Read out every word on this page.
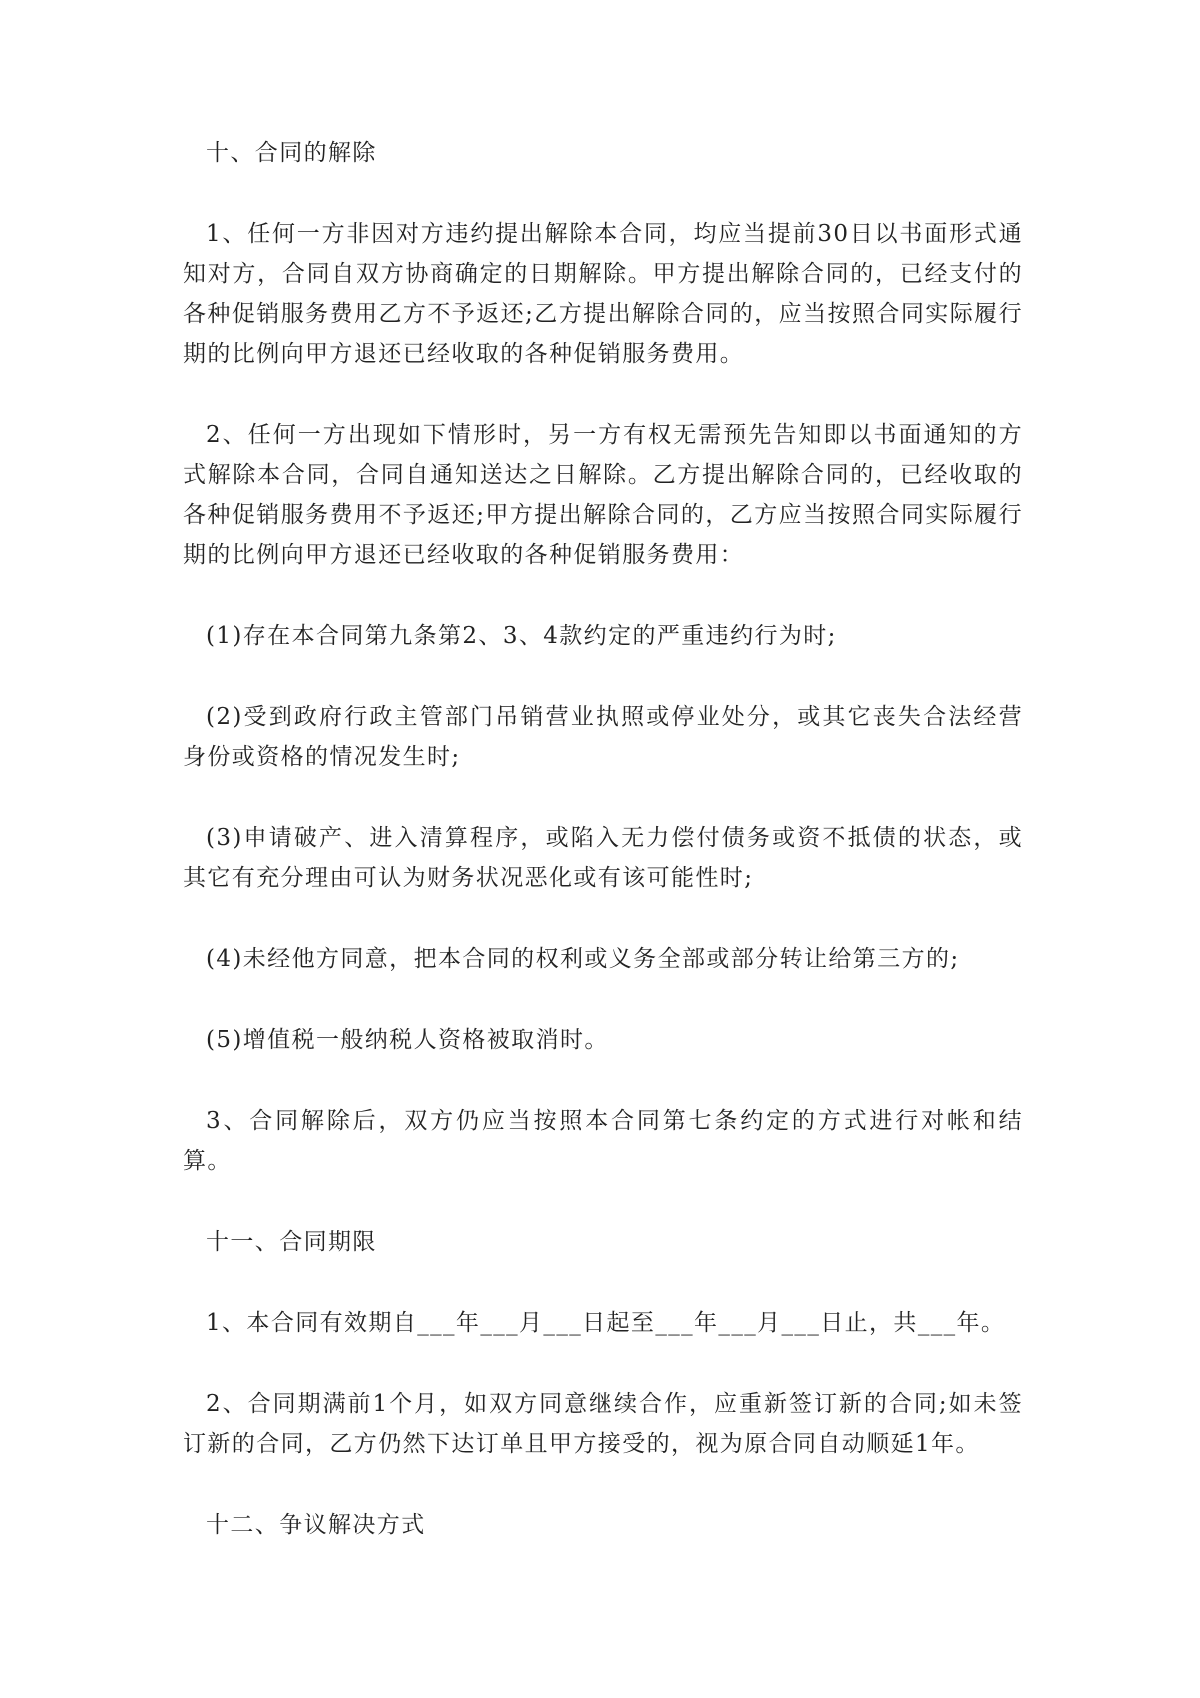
十、合同的解除

1、任何一方非因对方违约提出解除本合同，均应当提前30日以书面形式通知对方，合同自双方协商确定的日期解除。甲方提出解除合同的，已经支付的各种促销服务费用乙方不予返还;乙方提出解除合同的，应当按照合同实际履行期的比例向甲方退还已经收取的各种促销服务费用。

2、任何一方出现如下情形时，另一方有权无需预先告知即以书面通知的方式解除本合同，合同自通知送达之日解除。乙方提出解除合同的，已经收取的各种促销服务费用不予返还;甲方提出解除合同的，乙方应当按照合同实际履行期的比例向甲方退还已经收取的各种促销服务费用：

(1)存在本合同第九条第2、3、4款约定的严重违约行为时;

(2)受到政府行政主管部门吊销营业执照或停业处分，或其它丧失合法经营身份或资格的情况发生时;

(3)申请破产、进入清算程序，或陷入无力偿付债务或资不抵债的状态，或其它有充分理由可认为财务状况恶化或有该可能性时;

(4)未经他方同意，把本合同的权利或义务全部或部分转让给第三方的;

(5)增值税一般纳税人资格被取消时。

3、合同解除后，双方仍应当按照本合同第七条约定的方式进行对帐和结算。

十一、合同期限

1、本合同有效期自___年___月___日起至___年___月___日止，共___年。

2、合同期满前1个月，如双方同意继续合作，应重新签订新的合同;如未签订新的合同，乙方仍然下达订单且甲方接受的，视为原合同自动顺延1年。

十二、争议解决方式
